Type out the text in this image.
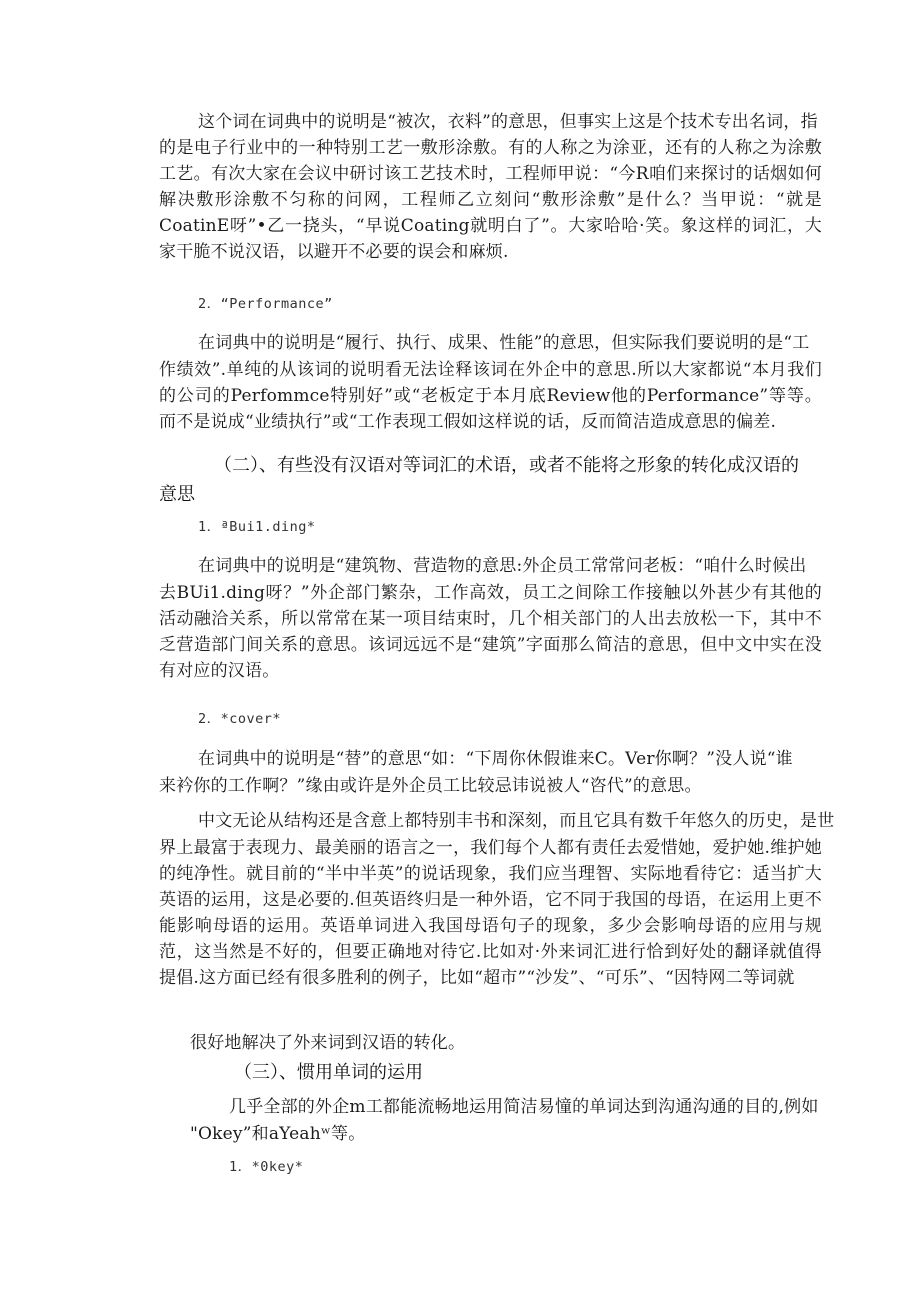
这个词在词典中的说明是“被次，衣料”的意思，但事实上这是个技术专出名词，指

的是电子行业中的一种特别工艺一敷形涂敷。有的人称之为涂亚，还有的人称之为涂敷工艺。有次大家在会议中研讨该工艺技术时，工程师甲说：“今R咱们来探讨的话烟如何解决敷形涂敷不匀称的问网，工程师乙立刻问“敷形涂敷”是什么？当甲说：“就是CoatinE呀”•乙一挠头，“早说Coating就明白了”。大家哈哈·笑。象这样的词汇，大家干脆不说汉语，以避开不必要的误会和麻烦.

2．“Performance”

在词典中的说明是“履行、执行、成果、性能”的意思，但实际我们要说明的是“工

作绩效”.单纯的从该词的说明看无法诠释该词在外企中的意思.所以大家都说“本月我们的公司的Perfommce特别好”或“老板定于本月底Review他的Performance”等等。而不是说成“业绩执行”或“工作表现工假如这样说的话，反而简洁造成意思的偏差.

（二）、有些没有汉语对等词汇的术语，或者不能将之形象的转化成汉语的
意思
1．ªBui1.ding*

在词典中的说明是“建筑物、营造物的意思:外企员工常常问老板：“咱什么时候出

去BUi1.ding呀？”外企部门繁杂，工作高效，员工之间除工作接触以外甚少有其他的活动融洽关系，所以常常在某一项目结束时，几个相关部门的人出去放松一下，其中不乏营造部门间关系的意思。该词远远不是“建筑”字面那么简洁的意思，但中文中实在没有对应的汉语。

2．*cover*

在词典中的说明是“替”的意思“如：“下周你休假谁来C。Ver你啊？”没人说“谁

来衿你的工作啊？”缘由或许是外企员工比较忌讳说被人“咨代”的意思。

中文无论从结构还是含意上都特别丰书和深刻，而且它具有数千年悠久的历史，是世

界上最富于表现力、最美丽的语言之一，我们每个人都有责任去爱惜她，爱护她.维护她的纯净性。就目前的“半中半英”的说话现象，我们应当理智、实际地看待它：适当扩大英语的运用，这是必要的.但英语终归是一种外语，它不同于我国的母语，在运用上更不能影响母语的运用。英语单词进入我国母语句子的现象，多少会影响母语的应用与规范，这当然是不好的，但要正确地对待它.比如对·外来词汇进行恰到好处的翻译就值得提倡.这方面已经有很多胜利的例子，比如“超市”“沙发”、“可乐”、“因特网二等词就

很好地解决了外来词到汉语的转化。

（三）、惯用单词的运用

几乎全部的外企m工都能流畅地运用简洁易憧的单词达到沟通沟通的目的,例如

"Okey”和aYeahʷ等。

1．*0key*
